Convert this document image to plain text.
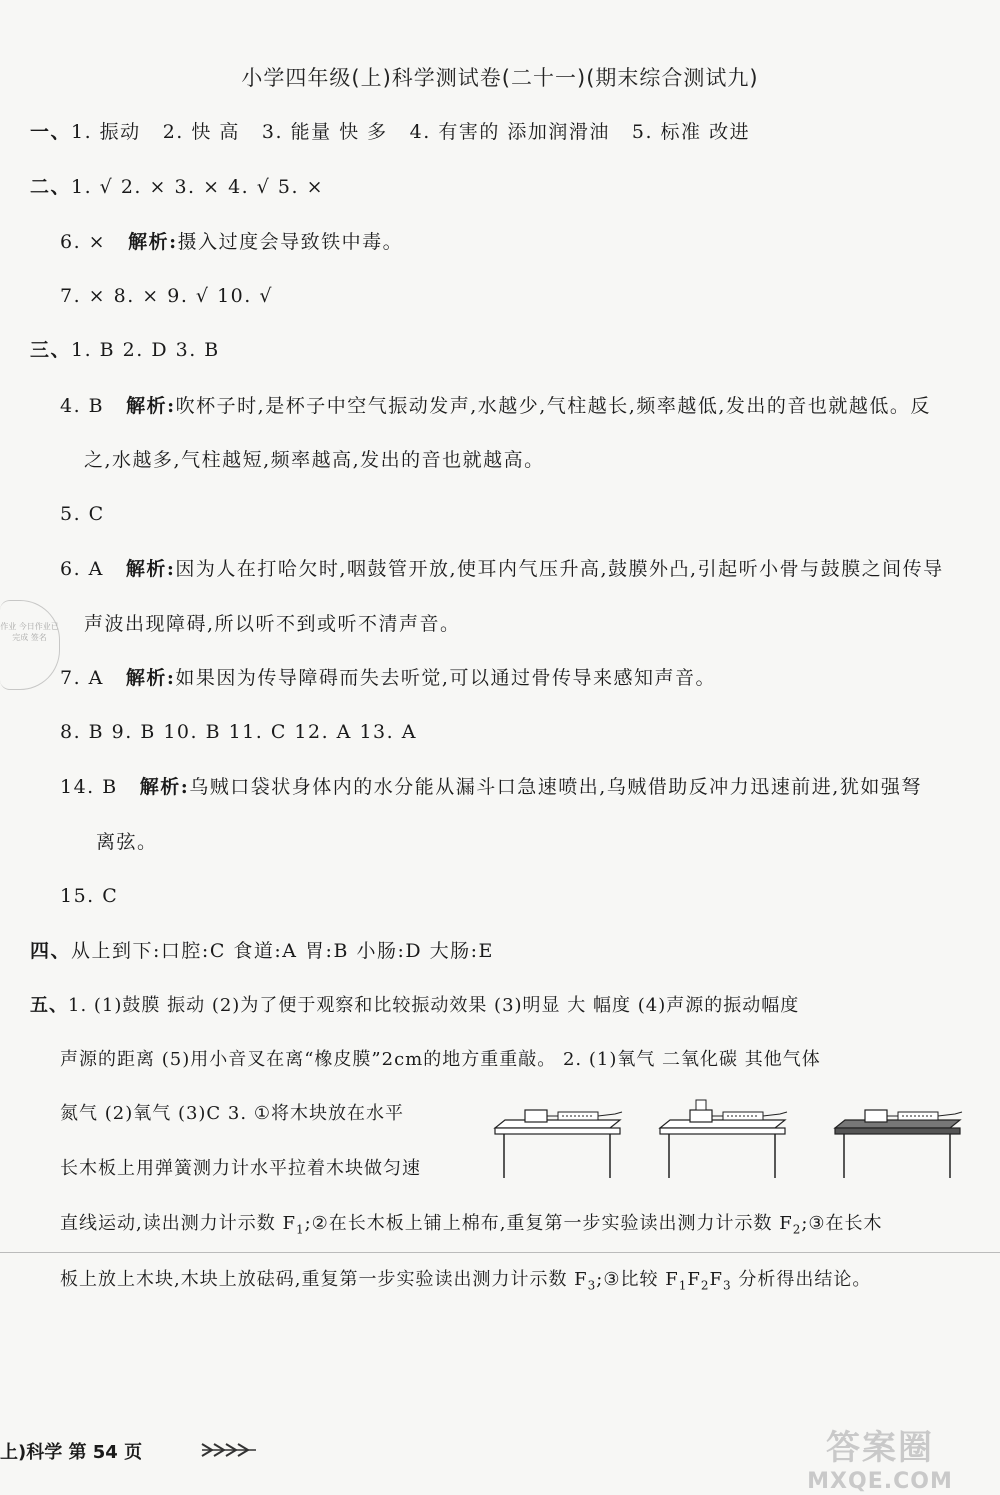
小学四年级(上)科学测试卷(二十一)(期末综合测试九)
一、1. 振动 2. 快 高 3. 能量 快 多 4. 有害的 添加润滑油 5. 标准 改进
二、1. √ 2. × 3. × 4. √ 5. ×
6. × 解析:摄入过度会导致铁中毒。
7. × 8. × 9. √ 10. √
三、1. B 2. D 3. B
4. B 解析:吹杯子时,是杯子中空气振动发声,水越少,气柱越长,频率越低,发出的音也就越低。反
之,水越多,气柱越短,频率越高,发出的音也就越高。
5. C
6. A 解析:因为人在打哈欠时,咽鼓管开放,使耳内气压升高,鼓膜外凸,引起听小骨与鼓膜之间传导
声波出现障碍,所以听不到或听不清声音。
7. A 解析:如果因为传导障碍而失去听觉,可以通过骨传导来感知声音。
8. B 9. B 10. B 11. C 12. A 13. A
14. B 解析:乌贼口袋状身体内的水分能从漏斗口急速喷出,乌贼借助反冲力迅速前进,犹如强弩
离弦。
15. C
四、从上到下:口腔:C 食道:A 胃:B 小肠:D 大肠:E
五、1. (1)鼓膜 振动 (2)为了便于观察和比较振动效果 (3)明显 大 幅度 (4)声源的振动幅度
声源的距离 (5)用小音叉在离“橡皮膜”2cm的地方重重敲。 2. (1)氧气 二氧化碳 其他气体
氮气 (2)氧气 (3)C 3. ①将木块放在水平
长木板上用弹簧测力计水平拉着木块做匀速
直线运动,读出测力计示数 $F_1;②$在长木板上铺上棉布,重复第一步实验读出测力计示数 $F_2;③$在长木
板上放上木块,木块上放砝码,重复第一步实验读出测力计示数 $F_3;③$比较 $F_1F_2F_3$ 分析得出结论。
作业 今日作业已完成 签名
上)科学 第 54 页	答案圈
MXQE.COM
